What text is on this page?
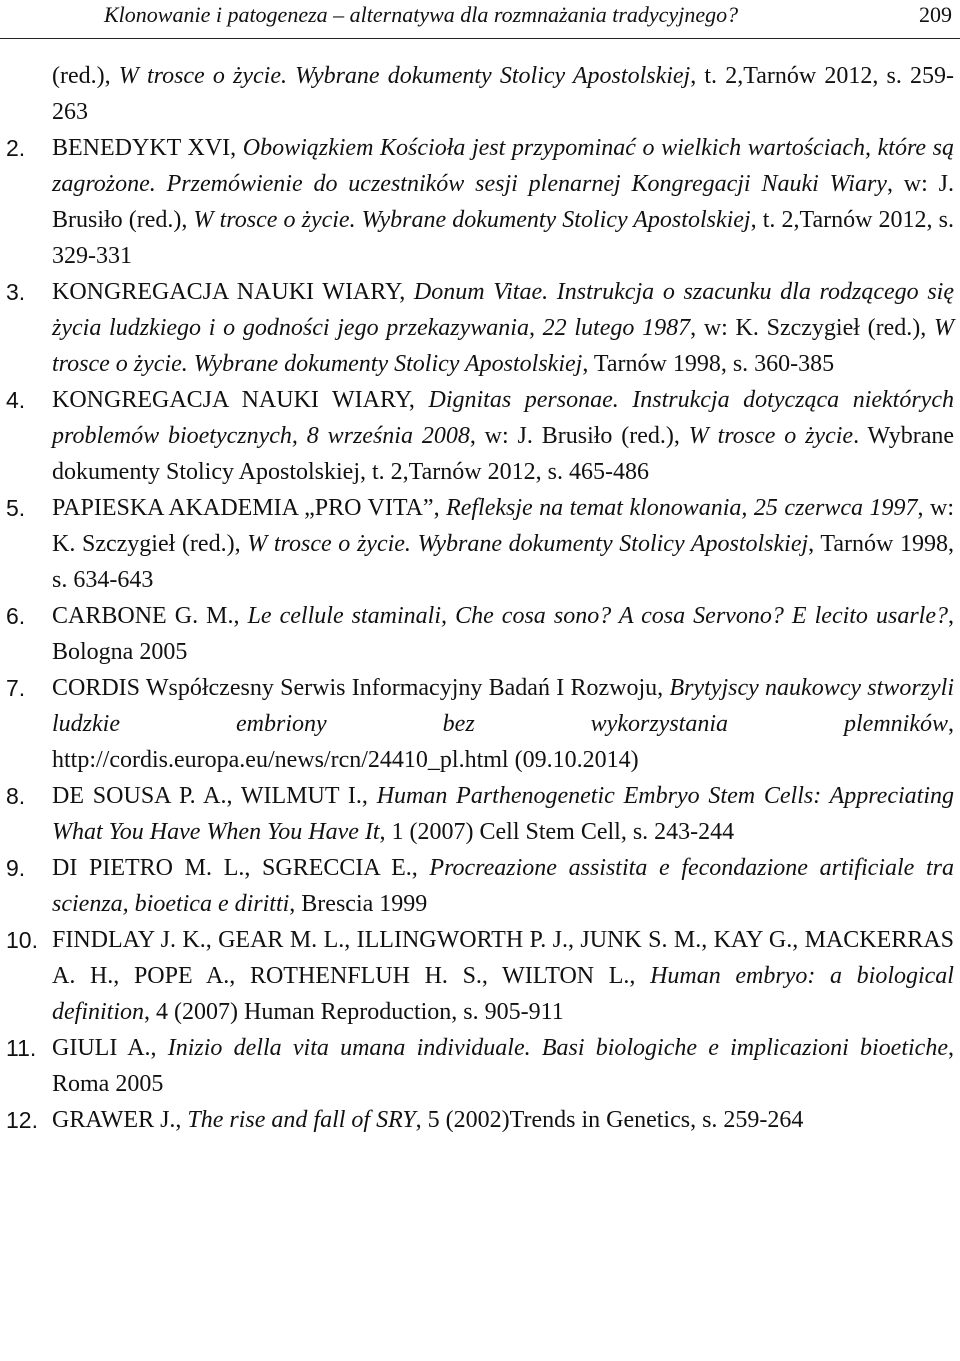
Klonowanie i patogeneza – alternatywa dla rozmnażania tradycyjnego?	209
(red.), W trosce o życie. Wybrane dokumenty Stolicy Apostolskiej, t. 2,Tarnów 2012, s. 259-263
2. BENEDYKT XVI, Obowiązkiem Kościoła jest przypominać o wielkich wartościach, które są zagrożone. Przemówienie do uczestników sesji plenarnej Kongregacji Nauki Wiary, w: J. Brusiło (red.), W trosce o życie. Wybrane dokumenty Stolicy Apostolskiej, t. 2,Tarnów 2012, s. 329-331
3. KONGREGACJA NAUKI WIARY, Donum Vitae. Instrukcja o szacunku dla rodzącego się życia ludzkiego i o godności jego przekazywania, 22 lutego 1987, w: K. Szczygieł (red.), W trosce o życie. Wybrane dokumenty Stolicy Apostolskiej, Tarnów 1998, s. 360-385
4. KONGREGACJA NAUKI WIARY, Dignitas personae. Instrukcja dotycząca niektórych problemów bioetycznych, 8 września 2008, w: J. Brusiło (red.), W trosce o życie. Wybrane dokumenty Stolicy Apostolskiej, t. 2,Tarnów 2012, s. 465-486
5. PAPIESKA AKADEMIA „PRO VITA”, Refleksje na temat klonowania, 25 czerwca 1997, w: K. Szczygieł (red.), W trosce o życie. Wybrane dokumenty Stolicy Apostolskiej, Tarnów 1998, s. 634-643
6. CARBONE G. M., Le cellule staminali, Che cosa sono? A cosa Servono? E lecito usarle?, Bologna 2005
7. CORDIS Współczesny Serwis Informacyjny Badań I Rozwoju, Brytyjscy naukowcy stworzyli ludzkie embriony bez wykorzystania plemników, http://cordis.europa.eu/news/rcn/24410_pl.html (09.10.2014)
8. DE SOUSA P. A., WILMUT I., Human Parthenogenetic Embryo Stem Cells: Appreciating What You Have When You Have It, 1 (2007) Cell Stem Cell, s. 243-244
9. DI PIETRO M. L., SGRECCIA E., Procreazione assistita e fecondazione artificiale tra scienza, bioetica e diritti, Brescia 1999
10. FINDLAY J. K., GEAR M. L., ILLINGWORTH P. J., JUNK S. M., KAY G., MACKERRAS A. H., POPE A., ROTHENFLUH H. S., WILTON L., Human embryo: a biological definition, 4 (2007) Human Reproduction, s. 905-911
11. GIULI A., Inizio della vita umana individuale. Basi biologiche e implicazioni bioetiche, Roma 2005
12. GRAWER J., The rise and fall of SRY, 5 (2002)Trends in Genetics, s. 259-264
